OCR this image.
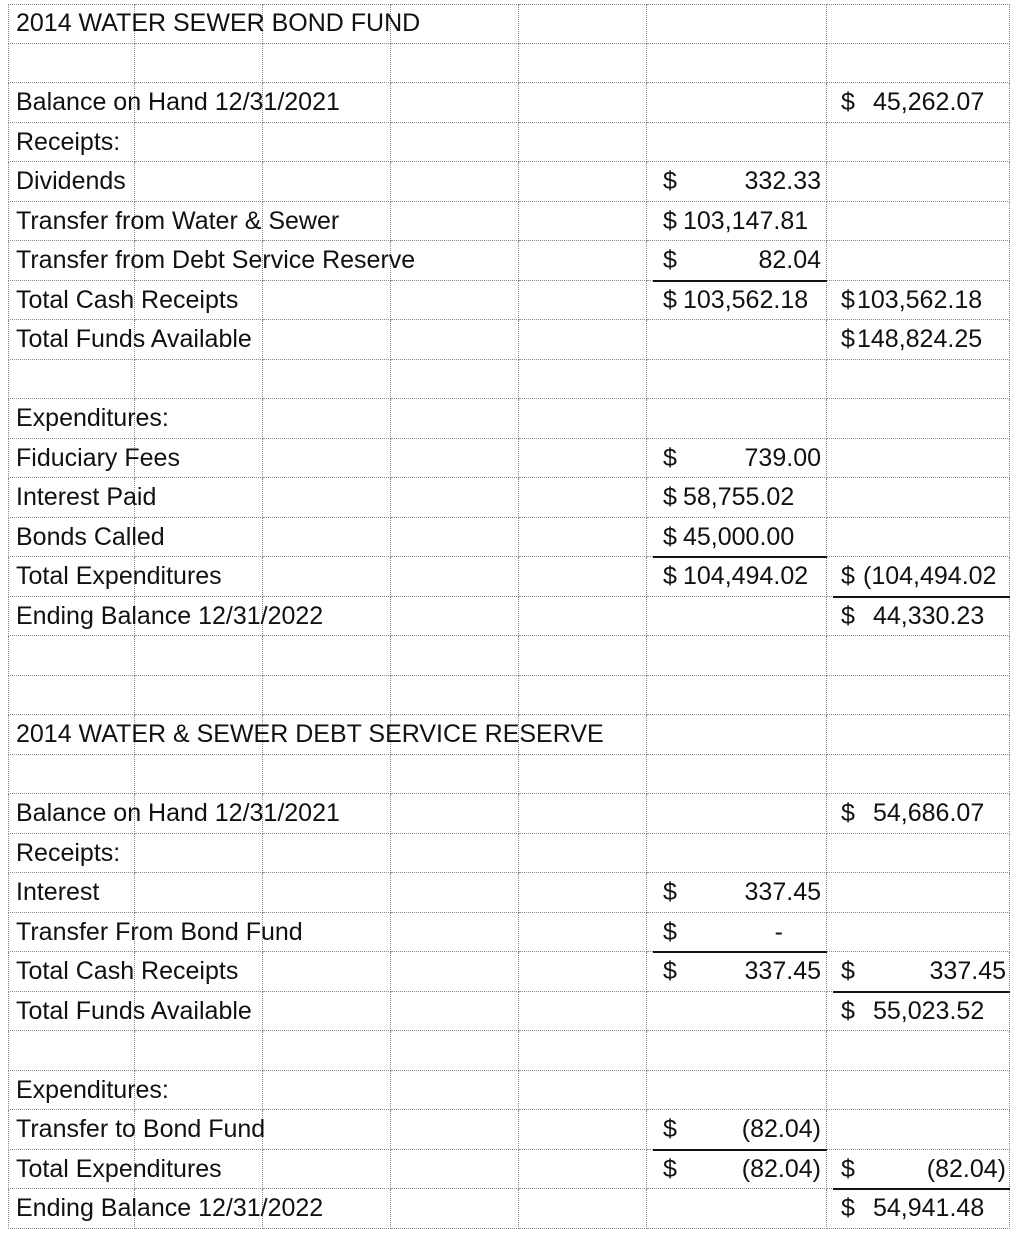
2014 WATER SEWER BOND FUND
Balance on Hand 12/31/2021	$ 45,262.07
Receipts:
Dividends	$	332.33
Transfer from Water & Sewer	$ 103,147.81
Transfer from Debt Service Reserve	$	82.04
Total Cash Receipts	$ 103,562.18 $ 103,562.18
Total Funds Available	$ 148,824.25
Expenditures:
Fiduciary Fees	$	739.00
Interest Paid	$ 58,755.02
Bonds Called	$ 45,000.00
Total Expenditures	$ 104,494.02 $ (104,494.02
Ending Balance 12/31/2022	$ 44,330.23
2014 WATER & SEWER DEBT SERVICE RESERVE
Balance on Hand 12/31/2021	$ 54,686.07
Receipts:
Interest	$	337.45
Transfer From Bond Fund	$	-
Total Cash Receipts	$	337.45 $	337.45
Total Funds Available	$ 55,023.52
Expenditures:
Transfer to Bond Fund	$	(82.04)
Total Expenditures	$	(82.04) $	(82.04)
Ending Balance 12/31/2022	$ 54,941.48
